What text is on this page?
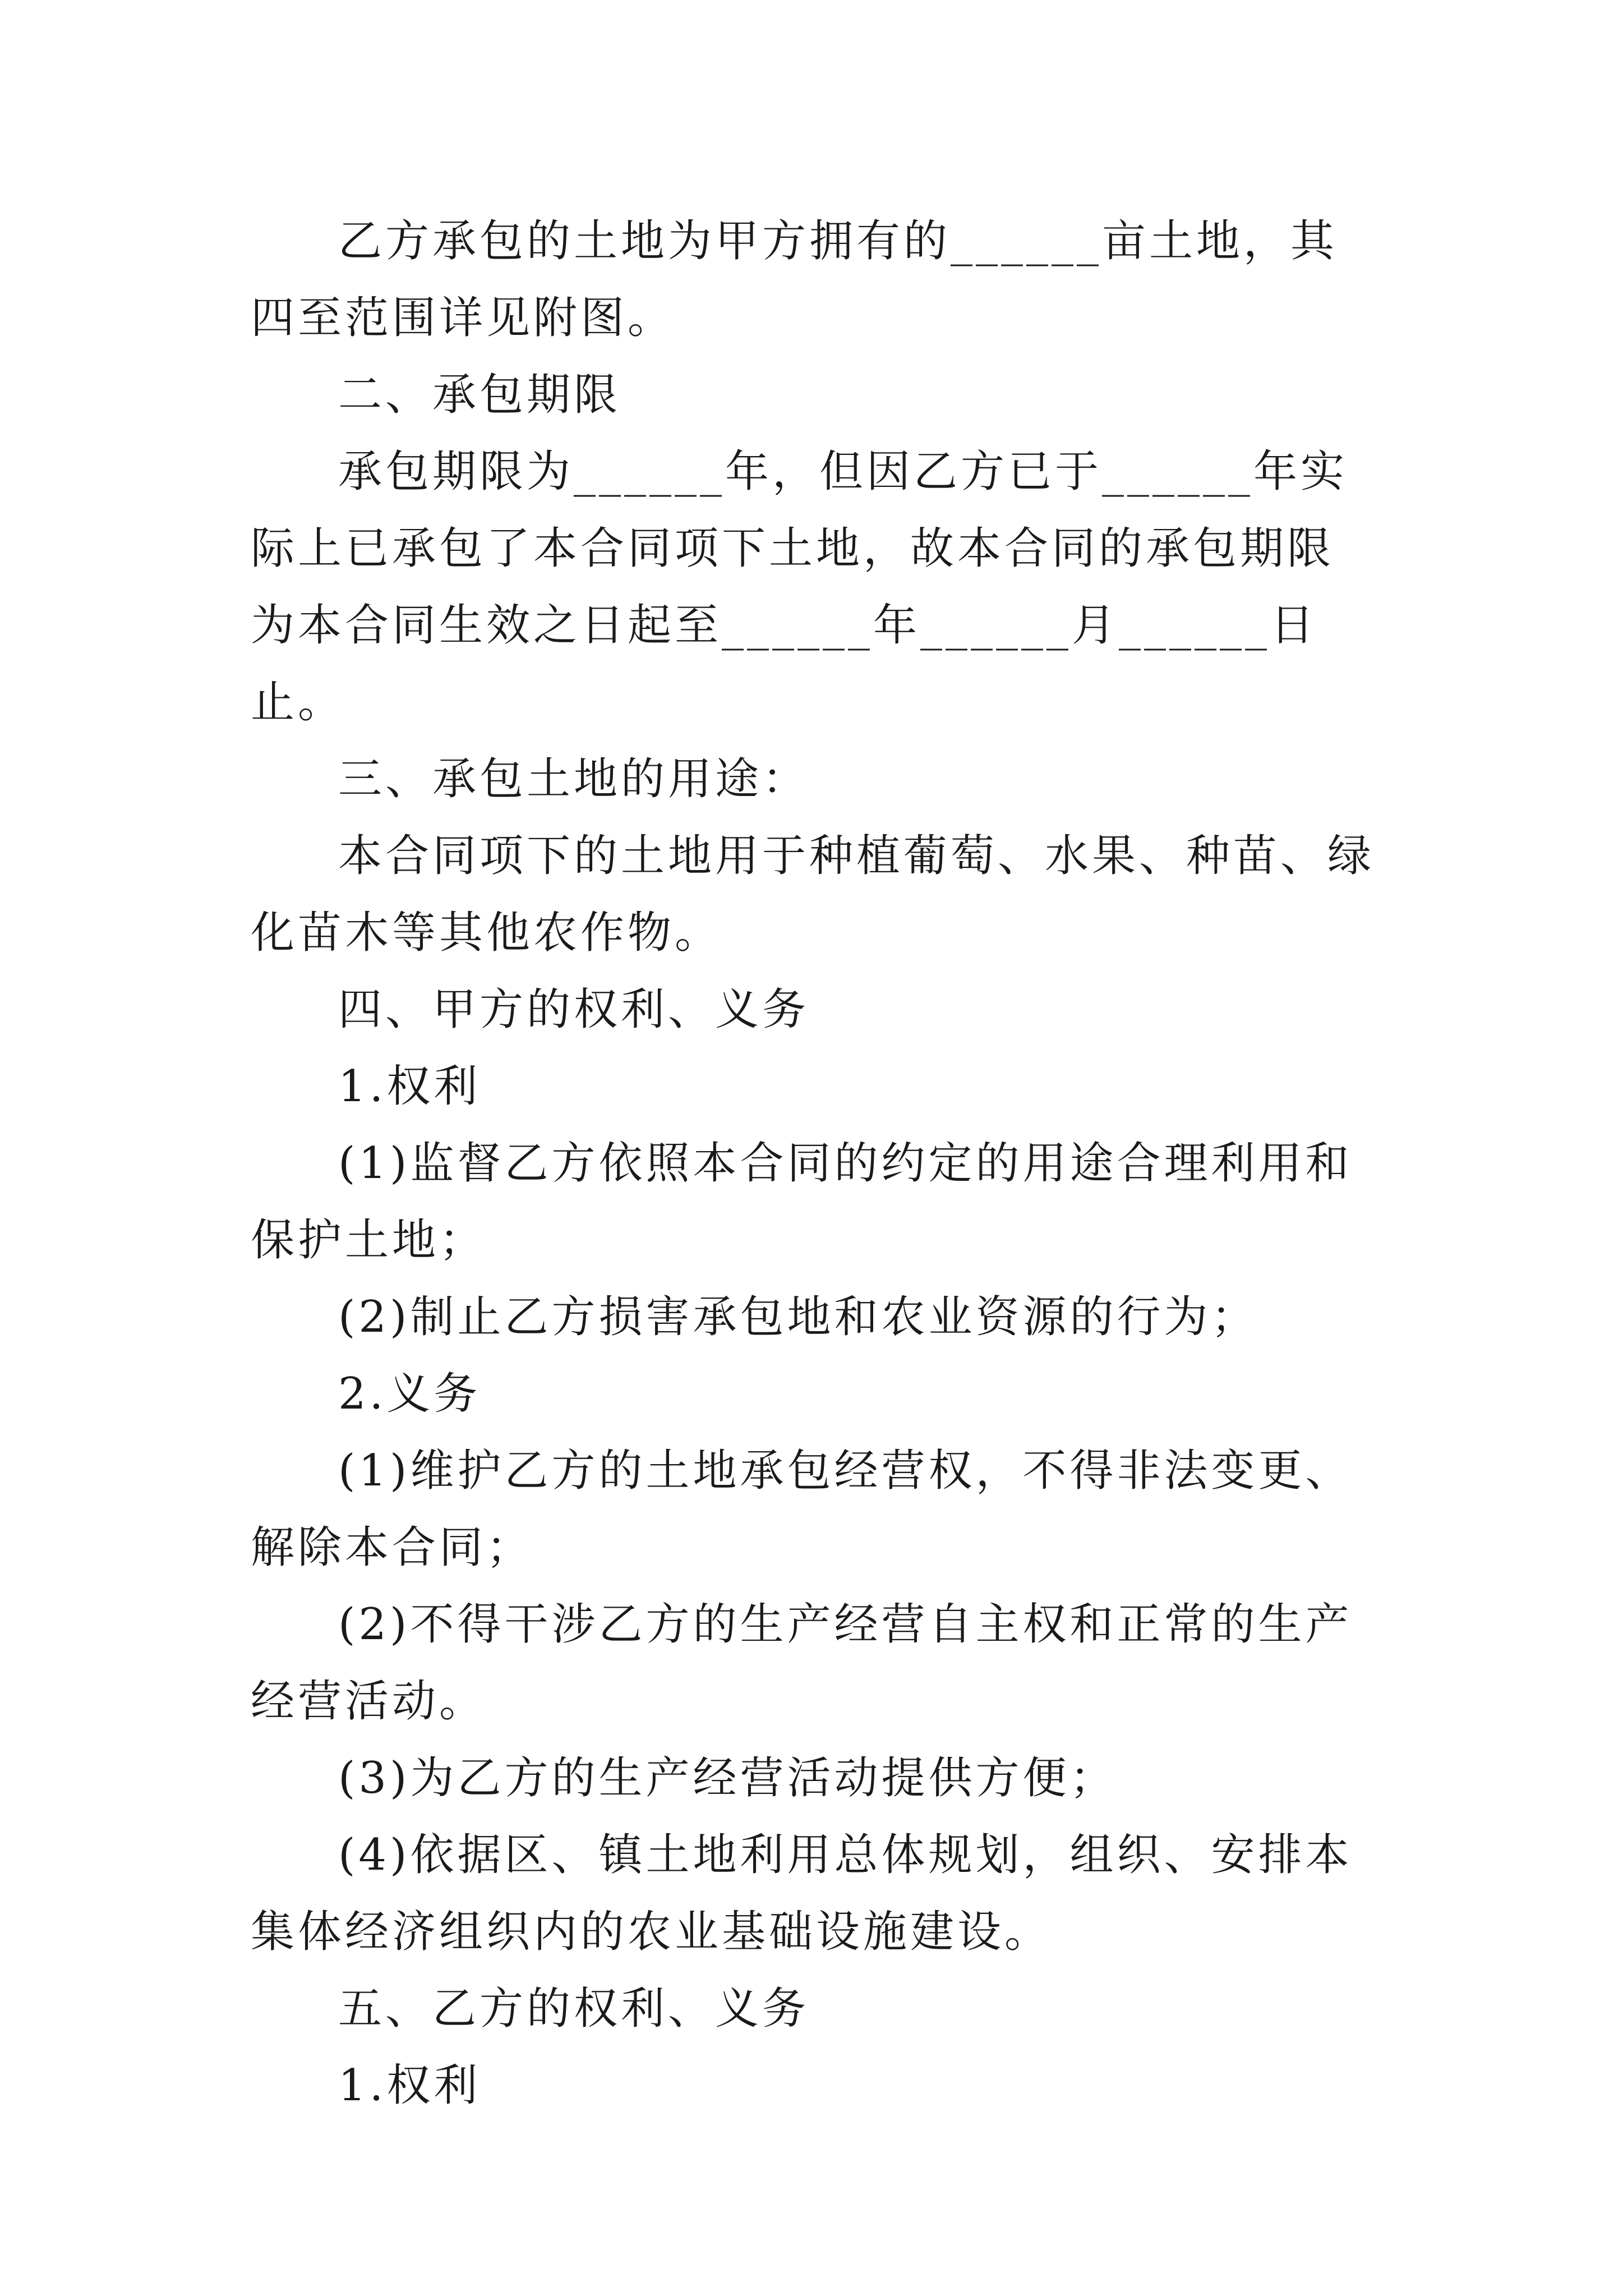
乙方承包的土地为甲方拥有的______亩土地，其四至范围详见附图。

二、承包期限

承包期限为______年，但因乙方已于______年实际上已承包了本合同项下土地，故本合同的承包期限为本合同生效之日起至______年______月______日止。

三、承包土地的用途：

本合同项下的土地用于种植葡萄、水果、种苗、绿化苗木等其他农作物。

四、甲方的权利、义务

1.权利

(1)监督乙方依照本合同的约定的用途合理利用和保护土地；

(2)制止乙方损害承包地和农业资源的行为；

2.义务

(1)维护乙方的土地承包经营权，不得非法变更、解除本合同；

(2)不得干涉乙方的生产经营自主权和正常的生产经营活动。

(3)为乙方的生产经营活动提供方便；

(4)依据区、镇土地利用总体规划，组织、安排本集体经济组织内的农业基础设施建设。

五、乙方的权利、义务

1.权利
